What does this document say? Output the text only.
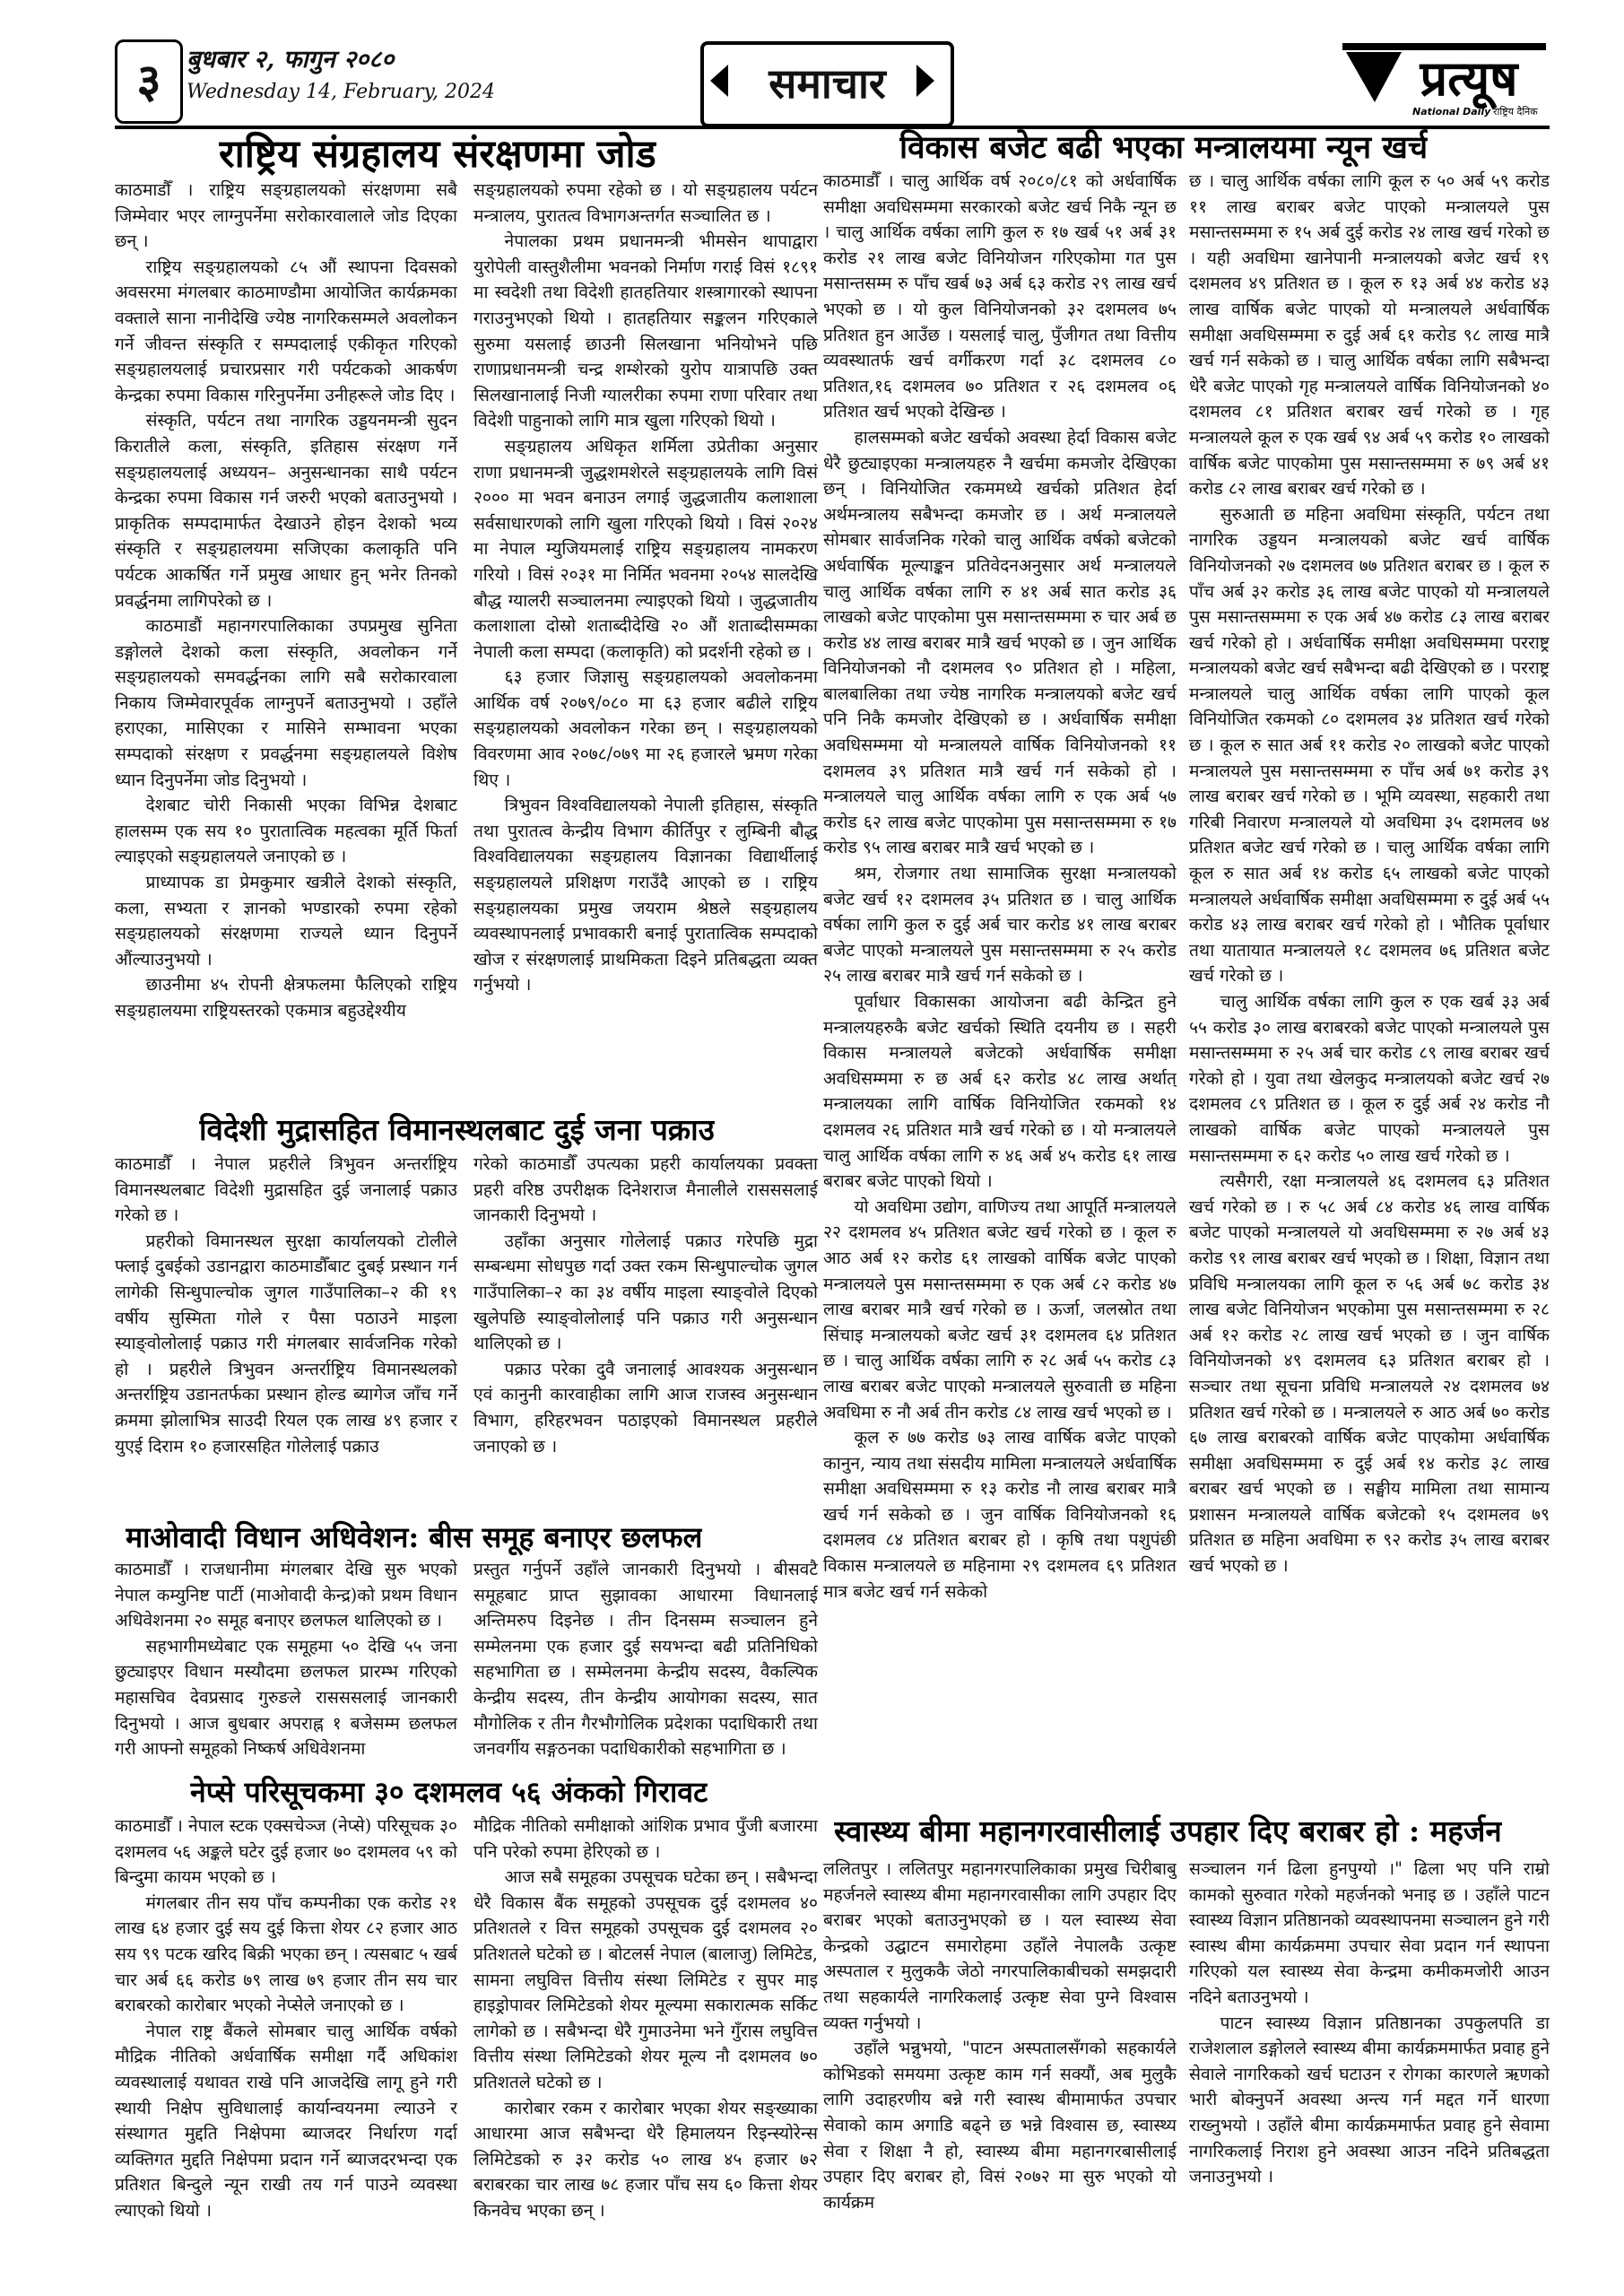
३	बुधबार २, फागुन २०८०
Wednesday 14, February, 2024	समाचार	प्रत्यूष
National Daily राष्ट्रिय दैनिक
राष्ट्रिय संग्रहालय संरक्षणमा जोड

काठमाडौँ । राष्ट्रिय सङ्ग्रहालयको संरक्षणमा सबै जिम्मेवार भएर लाग्नुपर्नेमा सरोकारवालाले जोड दिएका छन् ।

राष्ट्रिय सङ्ग्रहालयको ८५ औं स्थापना दिवसको अवसरमा मंगलबार काठमाण्डौमा आयोजित कार्यक्रमका वक्ताले साना नानीदेखि ज्येष्ठ नागरिकसम्मले अवलोकन गर्ने जीवन्त संस्कृति र सम्पदालाई एकीकृत गरिएको सङ्ग्रहालयलाई प्रचारप्रसार गरी पर्यटकको आकर्षण केन्द्रका रुपमा विकास गरिनुपर्नेमा उनीहरूले जोड दिए ।

संस्कृति, पर्यटन तथा नागरिक उड्डयनमन्त्री सुदन किरातीले कला, संस्कृति, इतिहास संरक्षण गर्ने सङ्ग्रहालयलाई अध्ययन– अनुसन्धानका साथै पर्यटन केन्द्रका रुपमा विकास गर्न जरुरी भएको बताउनुभयो । प्राकृतिक सम्पदामार्फत देखाउने होइन देशको भव्य संस्कृति र सङ्ग्रहालयमा सजिएका कलाकृति पनि पर्यटक आकर्षित गर्ने प्रमुख आधार हुन् भनेर तिनको प्रवर्द्धनमा लागिपरेको छ ।

काठमाडौं महानगरपालिकाका उपप्रमुख सुनिता डङ्गोलले देशको कला संस्कृति, अवलोकन गर्ने सङ्ग्रहालयको समवर्द्धनका लागि सबै सरोकारवाला निकाय जिम्मेवारपूर्वक लाग्नुपर्ने बताउनुभयो । उहाँले हराएका, मासिएका र मासिने सम्भावना भएका सम्पदाको संरक्षण र प्रवर्द्धनमा सङ्ग्रहालयले विशेष ध्यान दिनुपर्नेमा जोड दिनुभयो ।

देशबाट चोरी निकासी भएका विभिन्न देशबाट हालसम्म एक सय १० पुरातात्विक महत्वका मूर्ति फिर्ता ल्याइएको सङ्ग्रहालयले जनाएको छ ।

प्राध्यापक डा प्रेमकुमार खत्रीले देशको संस्कृति, कला, सभ्यता र ज्ञानको भण्डारको रुपमा रहेको सङ्ग्रहालयको संरक्षणमा राज्यले ध्यान दिनुपर्ने औंल्याउनुभयो ।

छाउनीमा ४५ रोपनी क्षेत्रफलमा फैलिएको राष्ट्रिय सङ्ग्रहालयमा राष्ट्रियस्तरको एकमात्र बहुउद्देश्यीय

सङ्ग्रहालयको रुपमा रहेको छ । यो सङ्ग्रहालय पर्यटन मन्त्रालय, पुरातत्व विभागअन्तर्गत सञ्चालित छ ।

नेपालका प्रथम प्रधानमन्त्री भीमसेन थापाद्वारा युरोपेली वास्तुशैलीमा भवनको निर्माण गराई विसं १८९१ मा स्वदेशी तथा विदेशी हातहतियार शस्त्रागारको स्थापना गराउनुभएको थियो । हातहतियार सङ्कलन गरिएकाले सुरुमा यसलाई छाउनी सिलखाना भनियोभने पछि राणाप्रधानमन्त्री चन्द्र शम्शेरको युरोप यात्रापछि उक्त सिलखानालाई निजी ग्यालरीका रुपमा राणा परिवार तथा विदेशी पाहुनाको लागि मात्र खुला गरिएको थियो ।

सङ्ग्रहालय अधिकृत शर्मिला उप्रेतीका अनुसार राणा प्रधानमन्त्री जुद्धशमशेरले सङ्ग्रहालयके लागि विसं २००० मा भवन बनाउन लगाई जुद्धजातीय कलाशाला सर्वसाधारणको लागि खुला गरिएको थियो । विसं २०२४ मा नेपाल म्युजियमलाई राष्ट्रिय सङ्ग्रहालय नामकरण गरियो । विसं २०३१ मा निर्मित भवनमा २०५४ सालदेखि बौद्ध ग्यालरी सञ्चालनमा ल्याइएको थियो । जुद्धजातीय कलाशाला दोस्रो शताब्दीदेखि २० औं शताब्दीसम्मका नेपाली कला सम्पदा (कलाकृति) को प्रदर्शनी रहेको छ ।

६३ हजार जिज्ञासु सङ्ग्रहालयको अवलोकनमा आर्थिक वर्ष २०७९/०८० मा ६३ हजार बढीले राष्ट्रिय सङ्ग्रहालयको अवलोकन गरेका छन् । सङ्ग्रहालयको विवरणमा आव २०७८/०७९ मा २६ हजारले भ्रमण गरेका थिए ।

त्रिभुवन विश्वविद्यालयको नेपाली इतिहास, संस्कृति तथा पुरातत्व केन्द्रीय विभाग कीर्तिपुर र लुम्बिनी बौद्ध विश्वविद्यालयका सङ्ग्रहालय विज्ञानका विद्यार्थीलाई सङ्ग्रहालयले प्रशिक्षण गराउँदै आएको छ । राष्ट्रिय सङ्ग्रहालयका प्रमुख जयराम श्रेष्ठले सङ्ग्रहालय व्यवस्थापनलाई प्रभावकारी बनाई पुरातात्विक सम्पदाको खोज र संरक्षणलाई प्राथमिकता दिइने प्रतिबद्धता व्यक्त गर्नुभयो ।

विदेशी मुद्रासहित विमानस्थलबाट दुई जना पक्राउ

काठमाडौँ । नेपाल प्रहरीले त्रिभुवन अन्तर्राष्ट्रिय विमानस्थलबाट विदेशी मुद्रासहित दुई जनालाई पक्राउ गरेको छ ।

प्रहरीको विमानस्थल सुरक्षा कार्यालयको टोलीले फ्लाई दुबईको उडानद्वारा काठमाडौँबाट दुबई प्रस्थान गर्न लागेकी सिन्धुपाल्चोक जुगल गाउँपालिका–२ की १९ वर्षीय सुस्मिता गोले र पैसा पठाउने माइला स्याङ्वोलोलाई पक्राउ गरी मंगलबार सार्वजनिक गरेको हो । प्रहरीले त्रिभुवन अन्तर्राष्ट्रिय विमानस्थलको अन्तर्राष्ट्रिय उडानतर्फका प्रस्थान होल्ड ब्यागेज जाँच गर्ने क्रममा झोलाभित्र साउदी रियल एक लाख ४९ हजार र युएई दिराम १० हजारसहित गोलेलाई पक्राउ

गरेको काठमाडौँ उपत्यका प्रहरी कार्यालयका प्रवक्ता प्रहरी वरिष्ठ उपरीक्षक दिनेशराज मैनालीले रासससलाई जानकारी दिनुभयो ।

उहाँका अनुसार गोलेलाई पक्राउ गरेपछि मुद्रा सम्बन्धमा सोधपुछ गर्दा उक्त रकम सिन्धुपाल्चोक जुगल गाउँपालिका–२ का ३४ वर्षीय माइला स्याङ्वोले दिएको खुलेपछि स्याङ्वोलोलाई पनि पक्राउ गरी अनुसन्धान थालिएको छ ।

पक्राउ परेका दुवै जनालाई आवश्यक अनुसन्धान एवं कानुनी कारवाहीका लागि आज राजस्व अनुसन्धान विभाग, हरिहरभवन पठाइएको विमानस्थल प्रहरीले जनाएको छ ।

माओवादी विधान अधिवेशन: बीस समूह बनाएर छलफल

काठमाडौँ । राजधानीमा मंगलबार देखि सुरु भएको नेपाल कम्युनिष्ट पार्टी (माओवादी केन्द्र)को प्रथम विधान अधिवेशनमा २० समूह बनाएर छलफल थालिएको छ ।

सहभागीमध्येबाट एक समूहमा ५० देखि ५५ जना छुट्याइएर विधान मस्यौदमा छलफल प्रारम्भ गरिएको महासचिव देवप्रसाद गुरुङले रासससलाई जानकारी दिनुभयो । आज बुधबार अपराह्न १ बजेसम्म छलफल गरी आफ्नो समूहको निष्कर्ष अधिवेशनमा

प्रस्तुत गर्नुपर्ने उहाँले जानकारी दिनुभयो । बीसवटै समूहबाट प्राप्त सुझावका आधारमा विधानलाई अन्तिमरुप दिइनेछ । तीन दिनसम्म सञ्चालन हुने सम्मेलनमा एक हजार दुई सयभन्दा बढी प्रतिनिधिको सहभागिता छ । सम्मेलनमा केन्द्रीय सदस्य, वैकल्पिक केन्द्रीय सदस्य, तीन केन्द्रीय आयोगका सदस्य, सात मौगोलिक र तीन गैरभौगोलिक प्रदेशका पदाधिकारी तथा जनवर्गीय सङ्गठनका पदाधिकारीको सहभागिता छ ।

नेप्से परिसूचकमा ३० दशमलव ५६ अंकको गिरावट

काठमाडौँ । नेपाल स्टक एक्सचेञ्ज (नेप्से) परिसूचक ३० दशमलव ५६ अङ्कले घटेर दुई हजार ७० दशमलव ५९ को बिन्दुमा कायम भएको छ ।

मंगलबार तीन सय पाँच कम्पनीका एक करोड २१ लाख ६४ हजार दुई सय दुई कित्ता शेयर ८२ हजार आठ सय ९९ पटक खरिद बिक्री भएका छन् । त्यसबाट ५ खर्ब चार अर्ब ६६ करोड ७९ लाख ७९ हजार तीन सय चार बराबरको कारोबार भएको नेप्सेले जनाएको छ ।

नेपाल राष्ट्र बैंकले सोमबार चालु आर्थिक वर्षको मौद्रिक नीतिको अर्धवार्षिक समीक्षा गर्दै अधिकांश व्यवस्थालाई यथावत राखे पनि आजदेखि लागू हुने गरी स्थायी निक्षेप सुविधालाई कार्यान्वयनमा ल्याउने र संस्थागत मुद्दति निक्षेपमा ब्याजदर निर्धारण गर्दा व्यक्तिगत मुद्दति निक्षेपमा प्रदान गर्ने ब्याजदरभन्दा एक प्रतिशत बिन्दुले न्यून राखी तय गर्न पाउने व्यवस्था ल्याएको थियो ।

मौद्रिक नीतिको समीक्षाको आंशिक प्रभाव पुँजी बजारमा पनि परेको रुपमा हेरिएको छ ।

आज सबै समूहका उपसूचक घटेका छन् । सबैभन्दा धेरै विकास बैंक समूहको उपसूचक दुई दशमलव ४० प्रतिशतले र वित्त समूहको उपसूचक दुई दशमलव २० प्रतिशतले घटेको छ । बोटलर्स नेपाल (बालाजु) लिमिटेड, सामना लघुवित्त वित्तीय संस्था लिमिटेड र सुपर माइ हाइड्रोपावर लिमिटेडको शेयर मूल्यमा सकारात्मक सर्किट लागेको छ । सबैभन्दा धेरै गुमाउनेमा भने गुँरास लघुवित्त वित्तीय संस्था लिमिटेडको शेयर मूल्य नौ दशमलव ७० प्रतिशतले घटेको छ ।

कारोबार रकम र कारोबार भएका शेयर सङ्ख्याका आधारमा आज सबैभन्दा धेरै हिमालयन रिइन्स्योरेन्स लिमिटेडको रु ३२ करोड ५० लाख ४५ हजार ७२ बराबरका चार लाख ७८ हजार पाँच सय ६० कित्ता शेयर किनवेच भएका छन् ।

विकास बजेट बढी भएका मन्त्रालयमा न्यून खर्च

काठमाडौँ । चालु आर्थिक वर्ष २०८०/८१ को अर्धवार्षिक समीक्षा अवधिसम्ममा सरकारको बजेट खर्च निकै न्यून छ । चालु आर्थिक वर्षका लागि कुल रु १७ खर्ब ५१ अर्ब ३१ करोड २१ लाख बजेट विनियोजन गरिएकोमा गत पुस मसान्तसम्म रु पाँच खर्ब ७३ अर्ब ६३ करोड २९ लाख खर्च भएको छ । यो कुल विनियोजनको ३२ दशमलव ७५ प्रतिशत हुन आउँछ । यसलाई चालु, पुँजीगत तथा वित्तीय व्यवस्थातर्फ खर्च वर्गीकरण गर्दा ३८ दशमलव ८० प्रतिशत,१६ दशमलव ७० प्रतिशत र २६ दशमलव ०६ प्रतिशत खर्च भएको देखिन्छ ।

हालसम्मको बजेट खर्चको अवस्था हेर्दा विकास बजेट धेरै छुट्याइएका मन्त्रालयहरु नै खर्चमा कमजोर देखिएका छन् । विनियोजित रकममध्ये खर्चको प्रतिशत हेर्दा अर्थमन्त्रालय सबैभन्दा कमजोर छ । अर्थ मन्त्रालयले सोमबार सार्वजनिक गरेको चालु आर्थिक वर्षको बजेटको अर्धवार्षिक मूल्याङ्कन प्रतिवेदनअनुसार अर्थ मन्त्रालयले चालु आर्थिक वर्षका लागि रु ४१ अर्ब सात करोड ३६ लाखको बजेट पाएकोमा पुस मसान्तसम्ममा रु चार अर्ब छ करोड ४४ लाख बराबर मात्रै खर्च भएको छ । जुन आर्थिक विनियोजनको नौ दशमलव ९० प्रतिशत हो । महिला, बालबालिका तथा ज्येष्ठ नागरिक मन्त्रालयको बजेट खर्च पनि निकै कमजोर देखिएको छ । अर्धवार्षिक समीक्षा अवधिसम्ममा यो मन्त्रालयले वार्षिक विनियोजनको ११ दशमलव ३९ प्रतिशत मात्रै खर्च गर्न सकेको हो । मन्त्रालयले चालु आर्थिक वर्षका लागि रु एक अर्ब ५७ करोड ६२ लाख बजेट पाएकोमा पुस मसान्तसम्ममा रु १७ करोड ९५ लाख बराबर मात्रै खर्च भएको छ ।

श्रम, रोजगार तथा सामाजिक सुरक्षा मन्त्रालयको बजेट खर्च १२ दशमलव ३५ प्रतिशत छ । चालु आर्थिक वर्षका लागि कुल रु दुई अर्ब चार करोड ४१ लाख बराबर बजेट पाएको मन्त्रालयले पुस मसान्तसम्ममा रु २५ करोड २५ लाख बराबर मात्रै खर्च गर्न सकेको छ ।

पूर्वाधार विकासका आयोजना बढी केन्द्रित हुने मन्त्रालयहरुकै बजेट खर्चको स्थिति दयनीय छ । सहरी विकास मन्त्रालयले बजेटको अर्धवार्षिक समीक्षा अवधिसम्ममा रु छ अर्ब ६२ करोड ४८ लाख अर्थात् मन्त्रालयका लागि वार्षिक विनियोजित रकमको १४ दशमलव २६ प्रतिशत मात्रै खर्च गरेको छ । यो मन्त्रालयले चालु आर्थिक वर्षका लागि रु ४६ अर्ब ४५ करोड ६१ लाख बराबर बजेट पाएको थियो ।

यो अवधिमा उद्योग, वाणिज्य तथा आपूर्ति मन्त्रालयले २२ दशमलव ४५ प्रतिशत बजेट खर्च गरेको छ । कूल रु आठ अर्ब १२ करोड ६१ लाखको वार्षिक बजेट पाएको मन्त्रालयले पुस मसान्तसम्ममा रु एक अर्ब ८२ करोड ४७ लाख बराबर मात्रै खर्च गरेको छ । ऊर्जा, जलस्रोत तथा सिंचाइ मन्त्रालयको बजेट खर्च ३१ दशमलव ६४ प्रतिशत छ । चालु आर्थिक वर्षका लागि रु २८ अर्ब ५५ करोड ८३ लाख बराबर बजेट पाएको मन्त्रालयले सुरुवाती छ महिना अवधिमा रु नौ अर्ब तीन करोड ८४ लाख खर्च भएको छ ।

कूल रु ७७ करोड ७३ लाख वार्षिक बजेट पाएको कानुन, न्याय तथा संसदीय मामिला मन्त्रालयले अर्धवार्षिक समीक्षा अवधिसम्ममा रु १३ करोड नौ लाख बराबर मात्रै खर्च गर्न सकेको छ । जुन वार्षिक विनियोजनको १६ दशमलव ८४ प्रतिशत बराबर हो । कृषि तथा पशुपंछी विकास मन्त्रालयले छ महिनामा २९ दशमलव ६९ प्रतिशत मात्र बजेट खर्च गर्न सकेको

छ । चालु आर्थिक वर्षका लागि कूल रु ५० अर्ब ५९ करोड ११ लाख बराबर बजेट पाएको मन्त्रालयले पुस मसान्तसम्ममा रु १५ अर्ब दुई करोड २४ लाख खर्च गरेको छ । यही अवधिमा खानेपानी मन्त्रालयको बजेट खर्च १९ दशमलव ४९ प्रतिशत छ । कूल रु १३ अर्ब ४४ करोड ४३ लाख वार्षिक बजेट पाएको यो मन्त्रालयले अर्धवार्षिक समीक्षा अवधिसम्ममा रु दुई अर्ब ६१ करोड ९८ लाख मात्रै खर्च गर्न सकेको छ । चालु आर्थिक वर्षका लागि सबैभन्दा धेरै बजेट पाएको गृह मन्त्रालयले वार्षिक विनियोजनको ४० दशमलव ८१ प्रतिशत बराबर खर्च गरेको छ । गृह मन्त्रालयले कूल रु एक खर्ब ९४ अर्ब ५९ करोड १० लाखको वार्षिक बजेट पाएकोमा पुस मसान्तसम्ममा रु ७९ अर्ब ४१ करोड ८२ लाख बराबर खर्च गरेको छ ।

सुरुआती छ महिना अवधिमा संस्कृति, पर्यटन तथा नागरिक उड्डयन मन्त्रालयको बजेट खर्च वार्षिक विनियोजनको २७ दशमलव ७७ प्रतिशत बराबर छ । कूल रु पाँच अर्ब ३२ करोड ३६ लाख बजेट पाएको यो मन्त्रालयले पुस मसान्तसम्ममा रु एक अर्ब ४७ करोड ८३ लाख बराबर खर्च गरेको हो । अर्धवार्षिक समीक्षा अवधिसम्ममा परराष्ट्र मन्त्रालयको बजेट खर्च सबैभन्दा बढी देखिएको छ । परराष्ट्र मन्त्रालयले चालु आर्थिक वर्षका लागि पाएको कूल विनियोजित रकमको ८० दशमलव ३४ प्रतिशत खर्च गरेको छ । कूल रु सात अर्ब ११ करोड २० लाखको बजेट पाएको मन्त्रालयले पुस मसान्तसम्ममा रु पाँच अर्ब ७१ करोड ३९ लाख बराबर खर्च गरेको छ । भूमि व्यवस्था, सहकारी तथा गरिबी निवारण मन्त्रालयले यो अवधिमा ३५ दशमलव ७४ प्रतिशत बजेट खर्च गरेको छ । चालु आर्थिक वर्षका लागि कूल रु सात अर्ब १४ करोड ६५ लाखको बजेट पाएको मन्त्रालयले अर्धवार्षिक समीक्षा अवधिसम्ममा रु दुई अर्ब ५५ करोड ४३ लाख बराबर खर्च गरेको हो । भौतिक पूर्वाधार तथा यातायात मन्त्रालयले १८ दशमलव ७६ प्रतिशत बजेट खर्च गरेको छ ।

चालु आर्थिक वर्षका लागि कुल रु एक खर्ब ३३ अर्ब ५५ करोड ३० लाख बराबरको बजेट पाएको मन्त्रालयले पुस मसान्तसम्ममा रु २५ अर्ब चार करोड ८९ लाख बराबर खर्च गरेको हो । युवा तथा खेलकुद मन्त्रालयको बजेट खर्च २७ दशमलव ८९ प्रतिशत छ । कूल रु दुई अर्ब २४ करोड नौ लाखको वार्षिक बजेट पाएको मन्त्रालयले पुस मसान्तसम्ममा रु ६२ करोड ५० लाख खर्च गरेको छ ।

त्यसैगरी, रक्षा मन्त्रालयले ४६ दशमलव ६३ प्रतिशत खर्च गरेको छ । रु ५८ अर्ब ८४ करोड ४६ लाख वार्षिक बजेट पाएको मन्त्रालयले यो अवधिसम्ममा रु २७ अर्ब ४३ करोड ९१ लाख बराबर खर्च भएको छ । शिक्षा, विज्ञान तथा प्रविधि मन्त्रालयका लागि कूल रु ५६ अर्ब ७८ करोड ३४ लाख बजेट विनियोजन भएकोमा पुस मसान्तसम्ममा रु २८ अर्ब १२ करोड २८ लाख खर्च भएको छ । जुन वार्षिक विनियोजनको ४९ दशमलव ६३ प्रतिशत बराबर हो । सञ्चार तथा सूचना प्रविधि मन्त्रालयले २४ दशमलव ७४ प्रतिशत खर्च गरेको छ । मन्त्रालयले रु आठ अर्ब ७० करोड ६७ लाख बराबरको वार्षिक बजेट पाएकोमा अर्धवार्षिक समीक्षा अवधिसम्ममा रु दुई अर्ब १४ करोड ३८ लाख बराबर खर्च भएको छ । सङ्घीय मामिला तथा सामान्य प्रशासन मन्त्रालयले वार्षिक बजेटको १५ दशमलव ७९ प्रतिशत छ महिना अवधिमा रु ९२ करोड ३५ लाख बराबर खर्च भएको छ ।

स्वास्थ्य बीमा महानगरवासीलाई उपहार दिए बराबर हो : महर्जन

ललितपुर । ललितपुर महानगरपालिकाका प्रमुख चिरीबाबु महर्जनले स्वास्थ्य बीमा महानगरवासीका लागि उपहार दिए बराबर भएको बताउनुभएको छ । यल स्वास्थ्य सेवा केन्द्रको उद्घाटन समारोहमा उहाँले नेपालकै उत्कृष्ट अस्पताल र मुलुककै जेठो नगरपालिकाबीचको समझदारी तथा सहकार्यले नागरिकलाई उत्कृष्ट सेवा पुग्ने विश्वास व्यक्त गर्नुभयो ।

उहाँले भन्नुभयो, "पाटन अस्पतालसँगको सहकार्यले कोभिडको समयमा उत्कृष्ट काम गर्न सक्यौं, अब मुलुकै लागि उदाहरणीय बन्ने गरी स्वास्थ बीमामार्फत उपचार सेवाको काम अगाडि बढ्ने छ भन्ने विश्वास छ, स्वास्थ्य सेवा र शिक्षा नै हो, स्वास्थ्य बीमा महानगरबासीलाई उपहार दिए बराबर हो, विसं २०७२ मा सुरु भएको यो कार्यक्रम

सञ्चालन गर्न ढिला हुनपुग्यो ।" ढिला भए पनि राम्रो कामको सुरुवात गरेको महर्जनको भनाइ छ । उहाँले पाटन स्वास्थ्य विज्ञान प्रतिष्ठानको व्यवस्थापनमा सञ्चालन हुने गरी स्वास्थ बीमा कार्यक्रममा उपचार सेवा प्रदान गर्न स्थापना गरिएको यल स्वास्थ्य सेवा केन्द्रमा कमीकमजोरी आउन नदिने बताउनुभयो ।

पाटन स्वास्थ्य विज्ञान प्रतिष्ठानका उपकुलपति डा राजेशलाल डङ्गोलले स्वास्थ्य बीमा कार्यक्रममार्फत प्रवाह हुने सेवाले नागरिकको खर्च घटाउन र रोगका कारणले ऋणको भारी बोक्नुपर्ने अवस्था अन्त्य गर्न मद्दत गर्ने धारणा राख्नुभयो । उहाँले बीमा कार्यक्रममार्फत प्रवाह हुने सेवामा नागरिकलाई निराश हुने अवस्था आउन नदिने प्रतिबद्धता जनाउनुभयो ।
